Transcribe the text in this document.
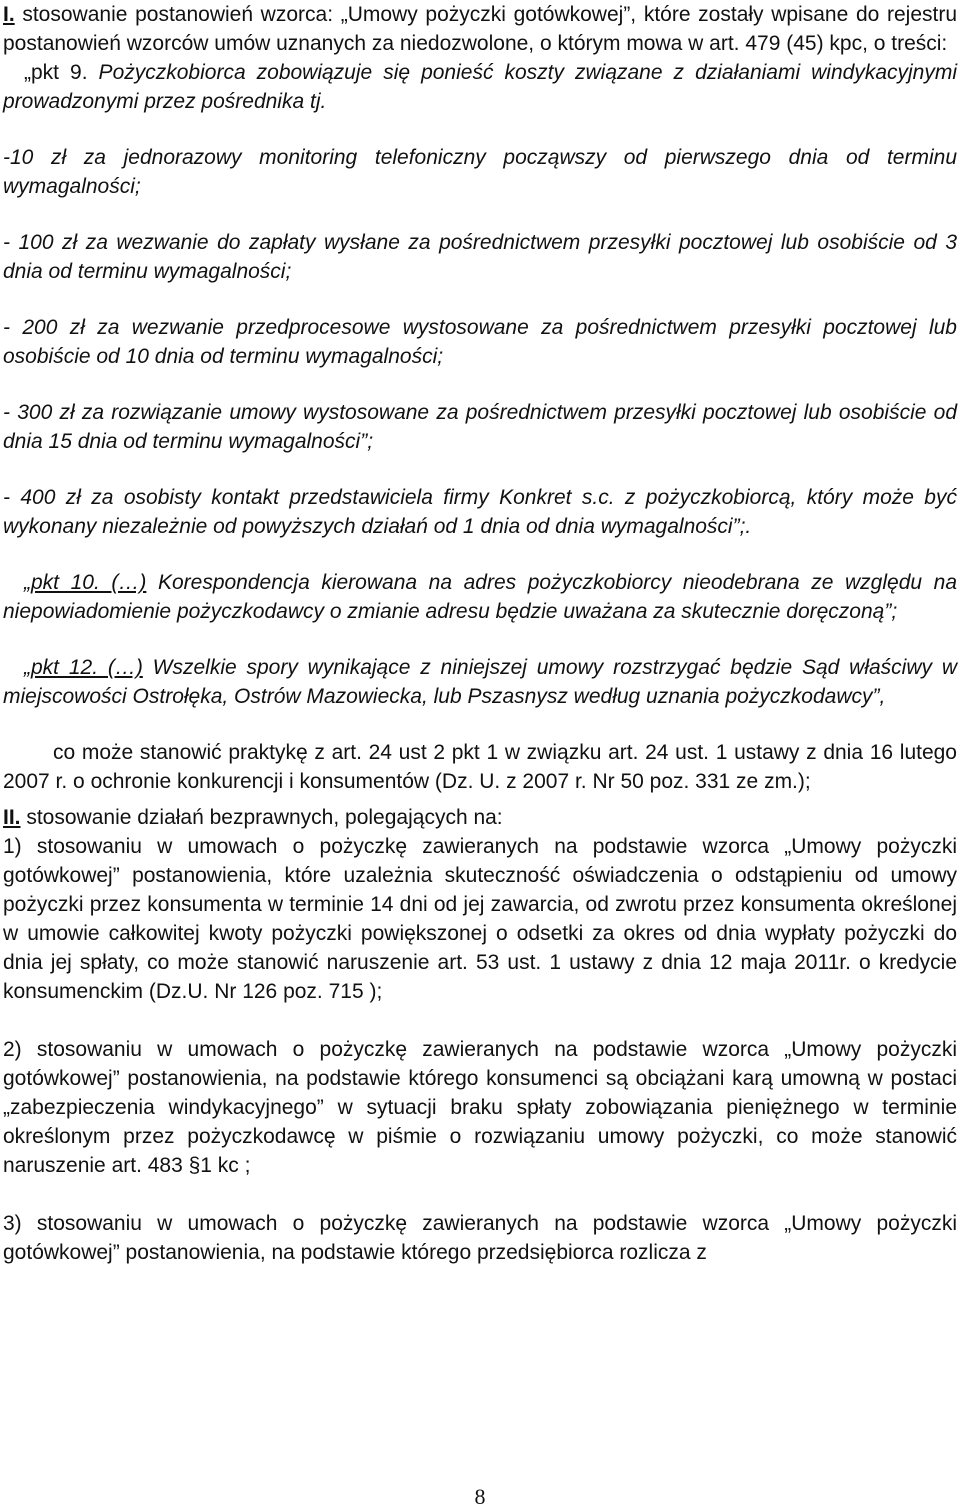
I. stosowanie postanowień wzorca: „Umowy pożyczki gotówkowej”, które zostały wpisane do rejestru postanowień wzorców umów uznanych za niedozwolone, o którym mowa w art. 479 (45) kpc, o treści:

„pkt 9. Pożyczkobiorca zobowiązuje się ponieść koszty związane z działaniami windykacyjnymi prowadzonymi przez pośrednika tj.

-10 zł za jednorazowy monitoring telefoniczny począwszy od pierwszego dnia od terminu wymagalności;

- 100 zł za wezwanie do zapłaty wysłane za pośrednictwem przesyłki pocztowej lub osobiście od 3 dnia od terminu wymagalności;

- 200 zł za wezwanie przedprocesowe wystosowane za pośrednictwem przesyłki pocztowej lub osobiście od 10 dnia od terminu wymagalności;

- 300 zł za rozwiązanie umowy wystosowane za pośrednictwem przesyłki pocztowej lub osobiście od dnia 15 dnia od terminu wymagalności”;

- 400 zł za osobisty kontakt przedstawiciela firmy Konkret s.c. z pożyczkobiorcą, który może być wykonany niezależnie od powyższych działań od 1 dnia od dnia wymagalności”;.

„pkt 10. (…) Korespondencja kierowana na adres pożyczkobiorcy nieodebrana ze względu na niepowiadomienie pożyczkodawcy o zmianie adresu będzie uważana za skutecznie doręczoną”;

„pkt 12. (…) Wszelkie spory wynikające z niniejszej umowy rozstrzygać będzie Sąd właściwy w miejscowości Ostrołęka, Ostrów Mazowiecka, lub Pszasnysz według uznania pożyczkodawcy”,

co może stanowić praktykę z art. 24 ust 2 pkt 1 w związku art. 24 ust. 1 ustawy z dnia 16 lutego 2007 r. o ochronie konkurencji i konsumentów (Dz. U. z 2007 r. Nr 50 poz. 331 ze zm.);

II. stosowanie działań bezprawnych, polegających na:

1) stosowaniu w umowach o pożyczkę zawieranych na podstawie wzorca „Umowy pożyczki gotówkowej” postanowienia, które uzależnia skuteczność oświadczenia o odstąpieniu od umowy pożyczki przez konsumenta w terminie 14 dni od jej zawarcia, od zwrotu przez konsumenta określonej w umowie całkowitej kwoty pożyczki powiększonej o odsetki za okres od dnia wypłaty pożyczki do dnia jej spłaty, co może stanowić naruszenie art. 53 ust. 1 ustawy z dnia 12 maja 2011r. o kredycie konsumenckim (Dz.U. Nr 126 poz. 715 );

2) stosowaniu w umowach o pożyczkę zawieranych na podstawie wzorca „Umowy pożyczki gotówkowej” postanowienia, na podstawie którego konsumenci są obciążani karą umowną w postaci „zabezpieczenia windykacyjnego” w sytuacji braku spłaty zobowiązania pieniężnego w terminie określonym przez pożyczkodawcę w piśmie o rozwiązaniu umowy pożyczki, co może stanowić naruszenie art. 483 §1 kc ;

3) stosowaniu w umowach o pożyczkę zawieranych na podstawie wzorca „Umowy pożyczki gotówkowej” postanowienia, na podstawie którego przedsiębiorca rozlicza z

8
